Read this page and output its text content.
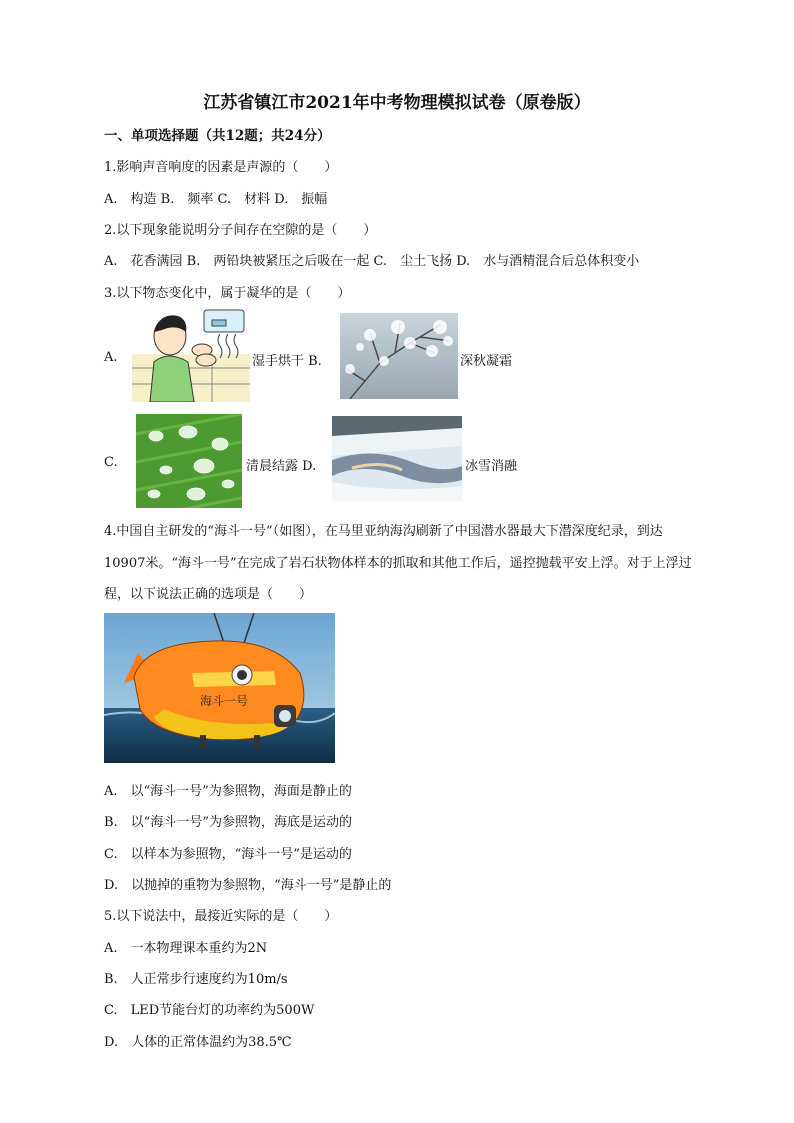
江苏省镇江市2021年中考物理模拟试卷（原卷版）
一、单项选择题（共12题；共24分）
1.影响声音响度的因素是声源的（　　）
A.　构造 B.　频率 C.　材料 D.　振幅
2.以下现象能说明分子间存在空隙的是（　　）
A.　花香满园 B.　两铅块被紧压之后吸在一起 C.　尘土飞扬 D.　水与酒精混合后总体积变小
3.以下物态变化中，属于凝华的是（　　）
A.	湿手烘干 B.	深秋凝霜
C.	清晨结露 D.	冰雪消融
4.中国自主研发的“海斗一号”（如图），在马里亚纳海沟刷新了中国潜水器最大下潜深度纪录，到达
10907米。“海斗一号”在完成了岩石状物体样本的抓取和其他工作后，遥控抛载平安上浮。对于上浮过
程，以下说法正确的选项是（　　）
海斗一号
A.　以“海斗一号”为参照物，海面是静止的
B.　以“海斗一号”为参照物，海底是运动的
C.　以样本为参照物，“海斗一号”是运动的
D.　以抛掉的重物为参照物，“海斗一号”是静止的
5.以下说法中，最接近实际的是（　　）
A.　一本物理课本重约为2N
B.　人正常步行速度约为10m/s
C.　LED节能台灯的功率约为500W
D.　人体的正常体温约为38.5℃
